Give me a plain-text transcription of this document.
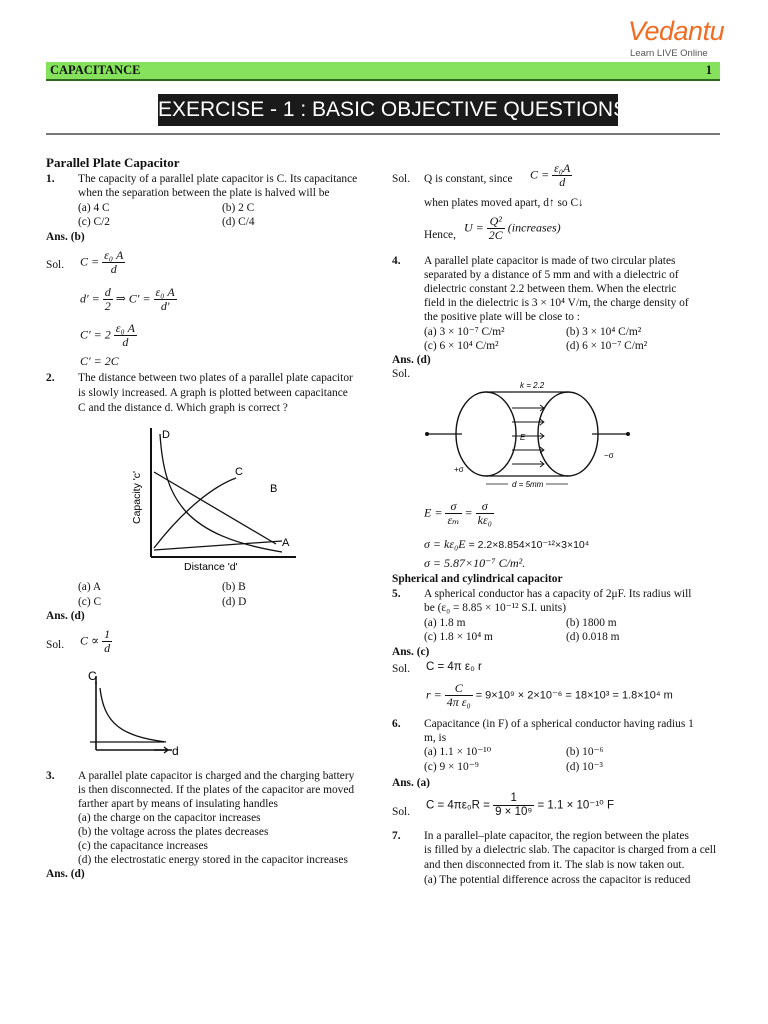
Vedantu
Learn LIVE Online
CAPACITANCE	1
EXERCISE - 1 : BASIC OBJECTIVE QUESTIONS
Parallel Plate Capacitor
1. The capacity of a parallel plate capacitor is C. Its capacitance
when the separation between the plate is halved will be
(a) 4 C	(b) 2 C
(c) C/2	(d) C/4
Ans. (b)
Sol. $C = \frac{\text{ε₀ A}}{d}$
$d' = \frac{d}{2}$ ⇒ $C' = \frac{\text{ε₀ A}}{d'}$
$C' = 2 \frac{\text{ε₀ A}}{d}$
C′ = 2C
2. The distance between two plates of a parallel plate capacitor
is slowly increased. A graph is plotted between capacitance
C and the distance d. Which graph is correct ?
D
C
B
A
Distance 'd'
Capacity 'c'
(a) A	(b) B
(c) C	(d) D
Ans. (d)
Sol. $C \propto \frac{1}{d}$
C
d
3. A parallel plate capacitor is charged and the charging battery
is then disconnected. If the plates of the capacitor are moved
farther apart by means of insulating handles
(a) the charge on the capacitor increases
(b) the voltage across the plates decreases
(c) the capacitance increases
(d) the electrostatic energy stored in the capacitor increases
Ans. (d)
Sol. Q is constant, since $C = \frac{\text{ε₀A}}{d}$
when plates moved apart, d↑ so C↓
Hence,
$U = \frac{\text{Q²}}{2C}$ (increases)
4. A parallel plate capacitor is made of two circular plates
separated by a distance of 5 mm and with a dielectric of
dielectric constant 2.2 between them. When the electric
field in the dielectric is 3 × 10⁴ V/m, the charge density of
the positive plate will be close to :
(a) 3 × 10⁻⁷ C/m²	(b) 3 × 10⁴ C/m²
(c) 6 × 10⁴ C/m²	(d) 6 × 10⁻⁷ C/m²
Ans. (d)
Sol.
k = 2.2
E
+σ
−σ
d = 5mm
$E = \frac{\sigma}{\text{εₘ}} = \frac{\sigma}{\text{kε₀}}$
σ = kε₀E = 2.2×8.854×10⁻¹²×3×10⁴
σ = 5.87×10⁻⁷ C/m².
Spherical and cylindrical capacitor
5. A spherical conductor has a capacity of 2μF. Its radius will
be (ε₀ = 8.85 × 10⁻¹² S.I. units)
(a) 1.8 m	(b) 1800 m
(c) 1.8 × 10⁴ m	(d) 0.018 m
Ans. (c)
Sol. C = 4π ε₀ r
$r = \frac{C}{\text{4π ε₀}} = 9\times 10^9 \times 2\times 10^{-6} = 18\times 10^3 = 1.8\times 10^4$ m
6. Capacitance (in F) of a spherical conductor having radius 1
m, is
(a) 1.1 × 10⁻¹⁰	(b) 10⁻⁶
(c) 9 × 10⁻⁹	(d) 10⁻³
Ans. (a)
Sol.
$C = 4\pi\varepsilon_0R = \frac{1}{\text{9 × 10⁹}} = 1.1 \times 10^{-10}$ F
7. In a parallel–plate capacitor, the region between the plates
is filled by a dielectric slab. The capacitor is charged from a cell
and then disconnected from it. The slab is now taken out.
(a) The potential difference across the capacitor is reduced
